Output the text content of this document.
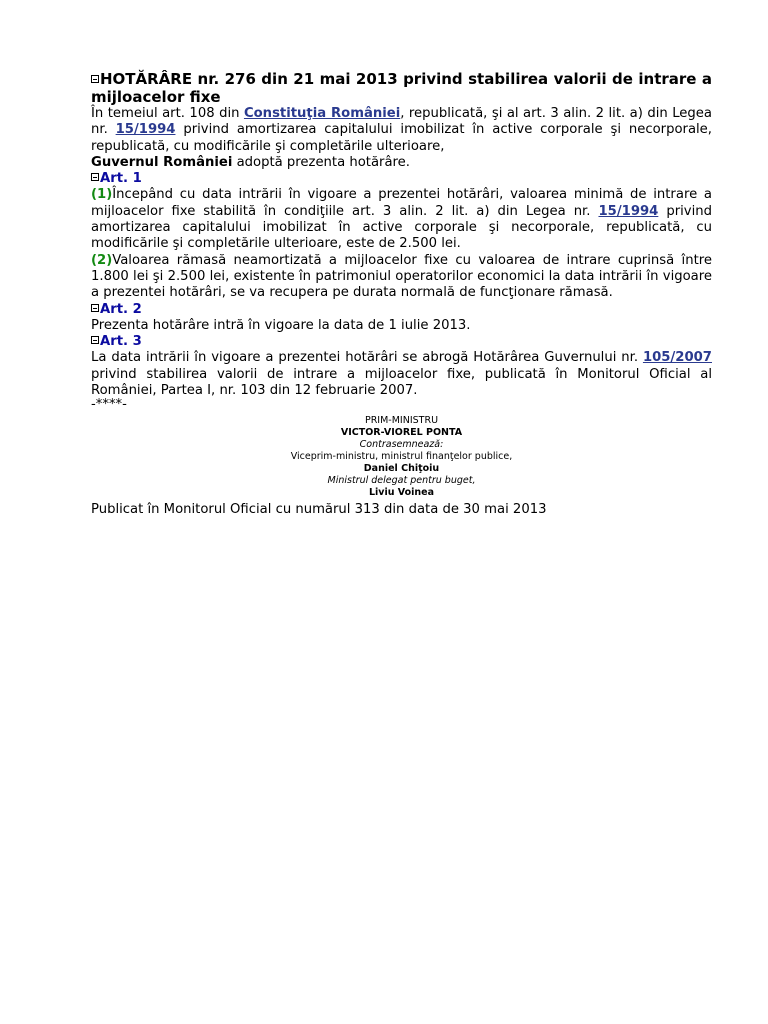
HOTĂRÂRE nr. 276 din 21 mai 2013 privind stabilirea valorii de intrare a mijloacelor fixe

În temeiul art. 108 din Constituţia României, republicată, şi al art. 3 alin. 2 lit. a) din Legea nr. 15/1994 privind amortizarea capitalului imobilizat în active corporale şi necorporale, republicată, cu modificările şi completările ulterioare,
Guvernul României adoptă prezenta hotărâre.

Art. 1

(1)Începând cu data intrării în vigoare a prezentei hotărâri, valoarea minimă de intrare a mijloacelor fixe stabilită în condiţiile art. 3 alin. 2 lit. a) din Legea nr. 15/1994 privind amortizarea capitalului imobilizat în active corporale şi necorporale, republicată, cu modificările şi completările ulterioare, este de 2.500 lei.

(2)Valoarea rămasă neamortizată a mijloacelor fixe cu valoarea de intrare cuprinsă între 1.800 lei şi 2.500 lei, existente în patrimoniul operatorilor economici la data intrării în vigoare a prezentei hotărâri, se va recupera pe durata normală de funcţionare rămasă.

Art. 2

Prezenta hotărâre intră în vigoare la data de 1 iulie 2013.

Art. 3

La data intrării în vigoare a prezentei hotărâri se abrogă Hotărârea Guvernului nr. 105/2007 privind stabilirea valorii de intrare a mijloacelor fixe, publicată în Monitorul Oficial al României, Partea I, nr. 103 din 12 februarie 2007.

-****-

PRIM-MINISTRU
VICTOR-VIOREL PONTA
Contrasemnează:
Viceprim-ministru, ministrul finanţelor publice,
Daniel Chiţoiu
Ministrul delegat pentru buget,
Liviu Voinea

Publicat în Monitorul Oficial cu numărul 313 din data de 30 mai 2013
